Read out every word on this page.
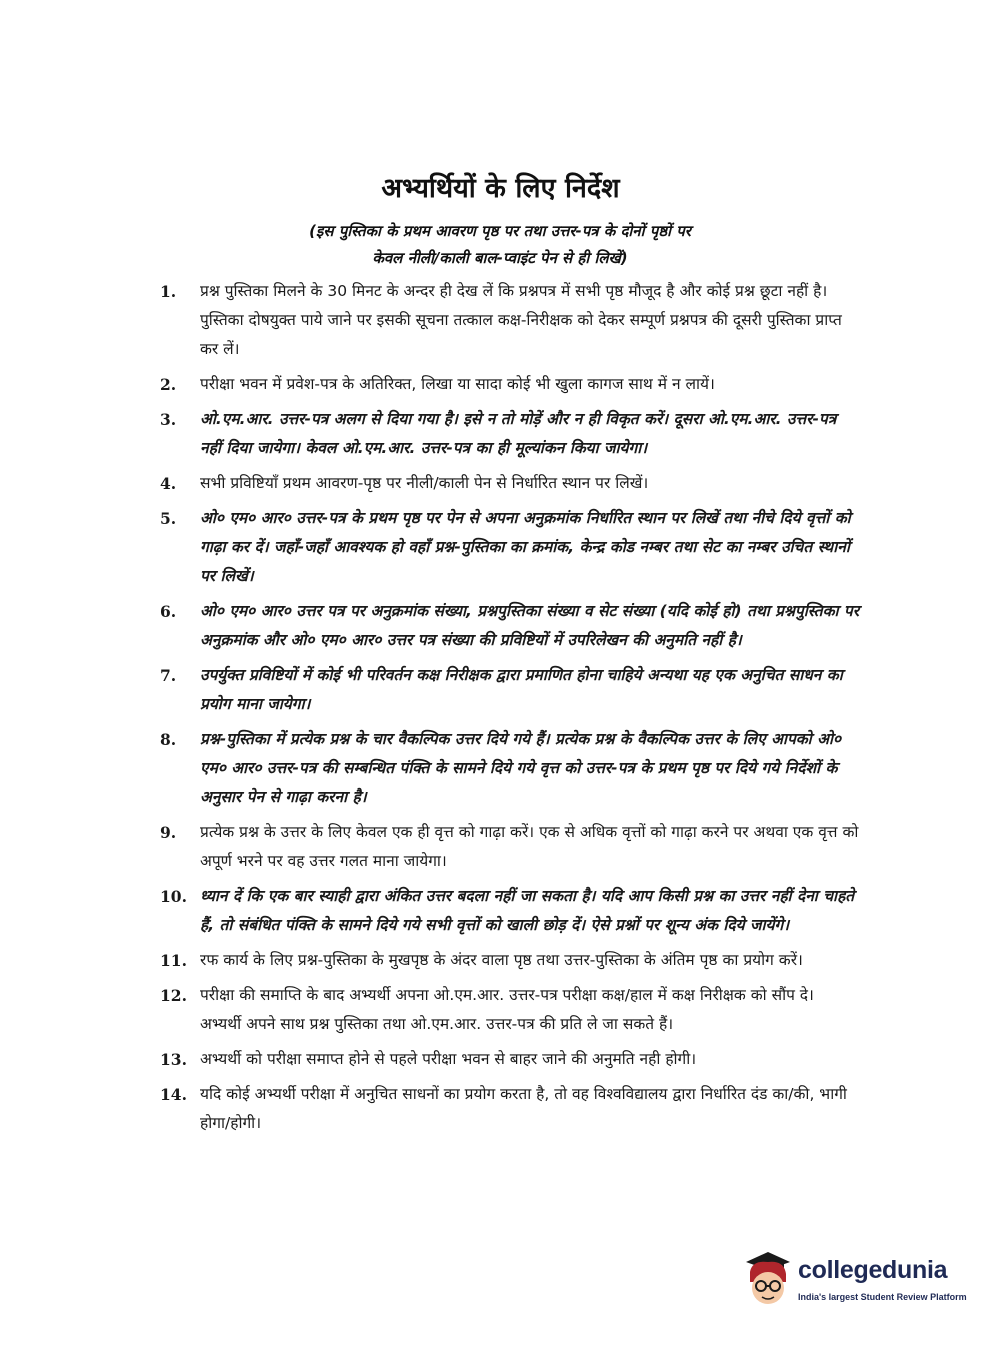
अभ्यर्थियों के लिए निर्देश
(इस पुस्तिका के प्रथम आवरण पृष्ठ पर तथा उत्तर-पत्र के दोनों पृष्ठों पर
केवल नीली/काली बाल-प्वाइंट पेन से ही लिखें)
1. प्रश्न पुस्तिका मिलने के 30 मिनट के अन्दर ही देख लें कि प्रश्नपत्र में सभी पृष्ठ मौजूद है और कोई प्रश्न छूटा नहीं है। पुस्तिका दोषयुक्त पाये जाने पर इसकी सूचना तत्काल कक्ष-निरीक्षक को देकर सम्पूर्ण प्रश्नपत्र की दूसरी पुस्तिका प्राप्त कर लें।
2. परीक्षा भवन में प्रवेश-पत्र के अतिरिक्त, लिखा या सादा कोई भी खुला कागज साथ में न लायें।
3. ओ.एम.आर. उत्तर-पत्र अलग से दिया गया है। इसे न तो मोड़ें और न ही विकृत करें। दूसरा ओ.एम.आर. उत्तर-पत्र नहीं दिया जायेगा। केवल ओ.एम.आर. उत्तर-पत्र का ही मूल्यांकन किया जायेगा।
4. सभी प्रविष्टियाँ प्रथम आवरण-पृष्ठ पर नीली/काली पेन से निर्धारित स्थान पर लिखें।
5. ओ० एम० आर० उत्तर-पत्र के प्रथम पृष्ठ पर पेन से अपना अनुक्रमांक निर्धारित स्थान पर लिखें तथा नीचे दिये वृत्तों को गाढ़ा कर दें। जहाँ-जहाँ आवश्यक हो वहाँ प्रश्न-पुस्तिका का क्रमांक, केन्द्र कोड नम्बर तथा सेट का नम्बर उचित स्थानों पर लिखें।
6. ओ० एम० आर० उत्तर पत्र पर अनुक्रमांक संख्या, प्रश्नपुस्तिका संख्या व सेट संख्या (यदि कोई हो) तथा प्रश्नपुस्तिका पर अनुक्रमांक और ओ० एम० आर० उत्तर पत्र संख्या की प्रविष्टियों में उपरिलेखन की अनुमति नहीं है।
7. उपर्युक्त प्रविष्टियों में कोई भी परिवर्तन कक्ष निरीक्षक द्वारा प्रमाणित होना चाहिये अन्यथा यह एक अनुचित साधन का प्रयोग माना जायेगा।
8. प्रश्न-पुस्तिका में प्रत्येक प्रश्न के चार वैकल्पिक उत्तर दिये गये हैं। प्रत्येक प्रश्न के वैकल्पिक उत्तर के लिए आपको ओ० एम० आर० उत्तर-पत्र की सम्बन्धित पंक्ति के सामने दिये गये वृत्त को उत्तर-पत्र के प्रथम पृष्ठ पर दिये गये निर्देशों के अनुसार पेन से गाढ़ा करना है।
9. प्रत्येक प्रश्न के उत्तर के लिए केवल एक ही वृत्त को गाढ़ा करें। एक से अधिक वृत्तों को गाढ़ा करने पर अथवा एक वृत्त को अपूर्ण भरने पर वह उत्तर गलत माना जायेगा।
10. ध्यान दें कि एक बार स्याही द्वारा अंकित उत्तर बदला नहीं जा सकता है। यदि आप किसी प्रश्न का उत्तर नहीं देना चाहते हैं, तो संबंधित पंक्ति के सामने दिये गये सभी वृत्तों को खाली छोड़ दें। ऐसे प्रश्नों पर शून्य अंक दिये जायेंगे।
11. रफ कार्य के लिए प्रश्न-पुस्तिका के मुखपृष्ठ के अंदर वाला पृष्ठ तथा उत्तर-पुस्तिका के अंतिम पृष्ठ का प्रयोग करें।
12. परीक्षा की समाप्ति के बाद अभ्यर्थी अपना ओ.एम.आर. उत्तर-पत्र परीक्षा कक्ष/हाल में कक्ष निरीक्षक को सौंप दे। अभ्यर्थी अपने साथ प्रश्न पुस्तिका तथा ओ.एम.आर. उत्तर-पत्र की प्रति ले जा सकते हैं।
13. अभ्यर्थी को परीक्षा समाप्त होने से पहले परीक्षा भवन से बाहर जाने की अनुमति नही होगी।
14. यदि कोई अभ्यर्थी परीक्षा में अनुचित साधनों का प्रयोग करता है, तो वह विश्वविद्यालय द्वारा निर्धारित दंड का/की, भागी होगा/होगी।
collegedunia
India's largest Student Review Platform
